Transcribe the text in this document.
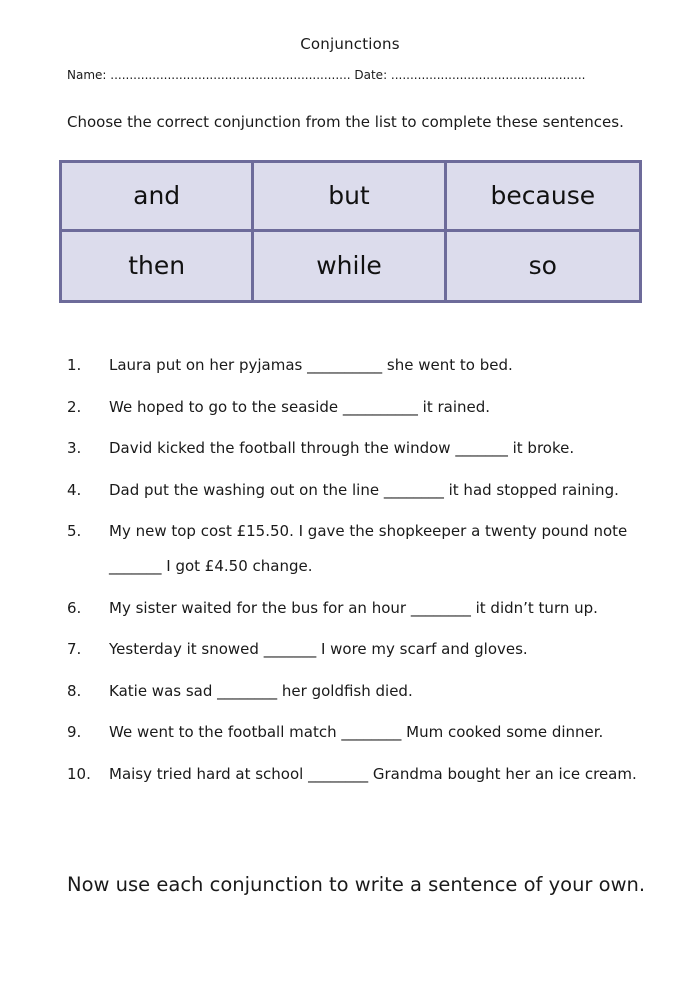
Conjunctions
Name: ............................................................... Date: ...................................................
Choose the correct conjunction from the list to complete these sentences.
and	but	because
then	while	so
1.	Laura put on her pyjamas __________ she went to bed.
2.	We hoped to go to the seaside __________ it rained.
3.	David kicked the football through the window _______ it broke.
4.	Dad put the washing out on the line ________ it had stopped raining.
5.	My new top cost £15.50. I gave the shopkeeper a twenty pound note _______ I got £4.50 change.
6.	My sister waited for the bus for an hour ________ it didn’t turn up.
7.	Yesterday it snowed _______ I wore my scarf and gloves.
8.	Katie was sad ________ her goldfish died.
9.	We went to the football match ________ Mum cooked some dinner.
10.	Maisy tried hard at school ________ Grandma bought her an ice cream.
Now use each conjunction to write a sentence of your own.
